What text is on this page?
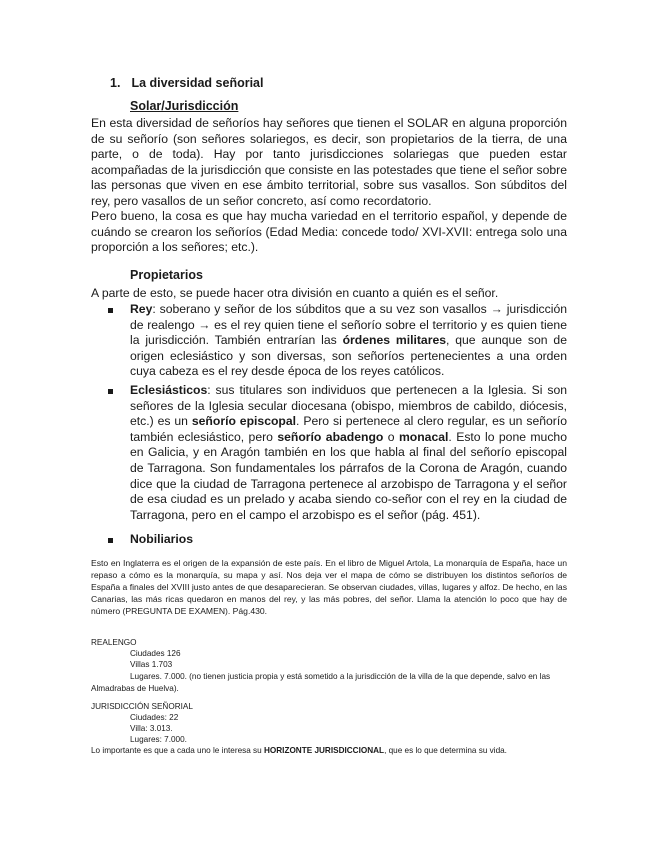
1. La diversidad señorial
Solar/Jurisdicción

En esta diversidad de señoríos hay señores que tienen el SOLAR en alguna proporción de su señorío (son señores solariegos, es decir, son propietarios de la tierra, de una parte, o de toda). Hay por tanto jurisdicciones solariegas que pueden estar acompañadas de la jurisdicción que consiste en las potestades que tiene el señor sobre las personas que viven en ese ámbito territorial, sobre sus vasallos. Son súbditos del rey, pero vasallos de un señor concreto, así como recordatorio.

Pero bueno, la cosa es que hay mucha variedad en el territorio español, y depende de cuándo se crearon los señoríos (Edad Media: concede todo/ XVI-XVII: entrega solo una proporción a los señores; etc.).

Propietarios

A parte de esto, se puede hacer otra división en cuanto a quién es el señor.

Rey: soberano y señor de los súbditos que a su vez son vasallos → jurisdicción de realengo → es el rey quien tiene el señorío sobre el territorio y es quien tiene la jurisdicción. También entrarían las órdenes militares, que aunque son de origen eclesiástico y son diversas, son señoríos pertenecientes a una orden cuya cabeza es el rey desde época de los reyes católicos.
Eclesiásticos: sus titulares son individuos que pertenecen a la Iglesia. Si son señores de la Iglesia secular diocesana (obispo, miembros de cabildo, diócesis, etc.) es un señorío episcopal. Pero si pertenece al clero regular, es un señorío también eclesiástico, pero señorío abadengo o monacal. Esto lo pone mucho en Galicia, y en Aragón también en los que habla al final del señorío episcopal de Tarragona. Son fundamentales los párrafos de la Corona de Aragón, cuando dice que la ciudad de Tarragona pertenece al arzobispo de Tarragona y el señor de esa ciudad es un prelado y acaba siendo co-señor con el rey en la ciudad de Tarragona, pero en el campo el arzobispo es el señor (pág. 451).
Nobiliarios

Esto en Inglaterra es el origen de la expansión de este país. En el libro de Miguel Artola, La monarquía de España, hace un repaso a cómo es la monarquía, su mapa y así. Nos deja ver el mapa de cómo se distribuyen los distintos señoríos de España a finales del XVIII justo antes de que desaparecieran. Se observan ciudades, villas, lugares y alfoz. De hecho, en las Canarias, las más ricas quedaron en manos del rey, y las más pobres, del señor. Llama la atención lo poco que hay de número (PREGUNTA DE EXAMEN). Pág.430.

REALENGO

Ciudades 126

Villas 1.703

Lugares. 7.000. (no tienen justicia propia y está sometido a la jurisdicción de la villa de la que depende, salvo en las Almadrabas de Huelva).

JURISDICCIÓN SEÑORIAL

Ciudades: 22

Villa: 3.013.

Lugares: 7.000.

Lo importante es que a cada uno le interesa su HORIZONTE JURISDICCIONAL, que es lo que determina su vida.
